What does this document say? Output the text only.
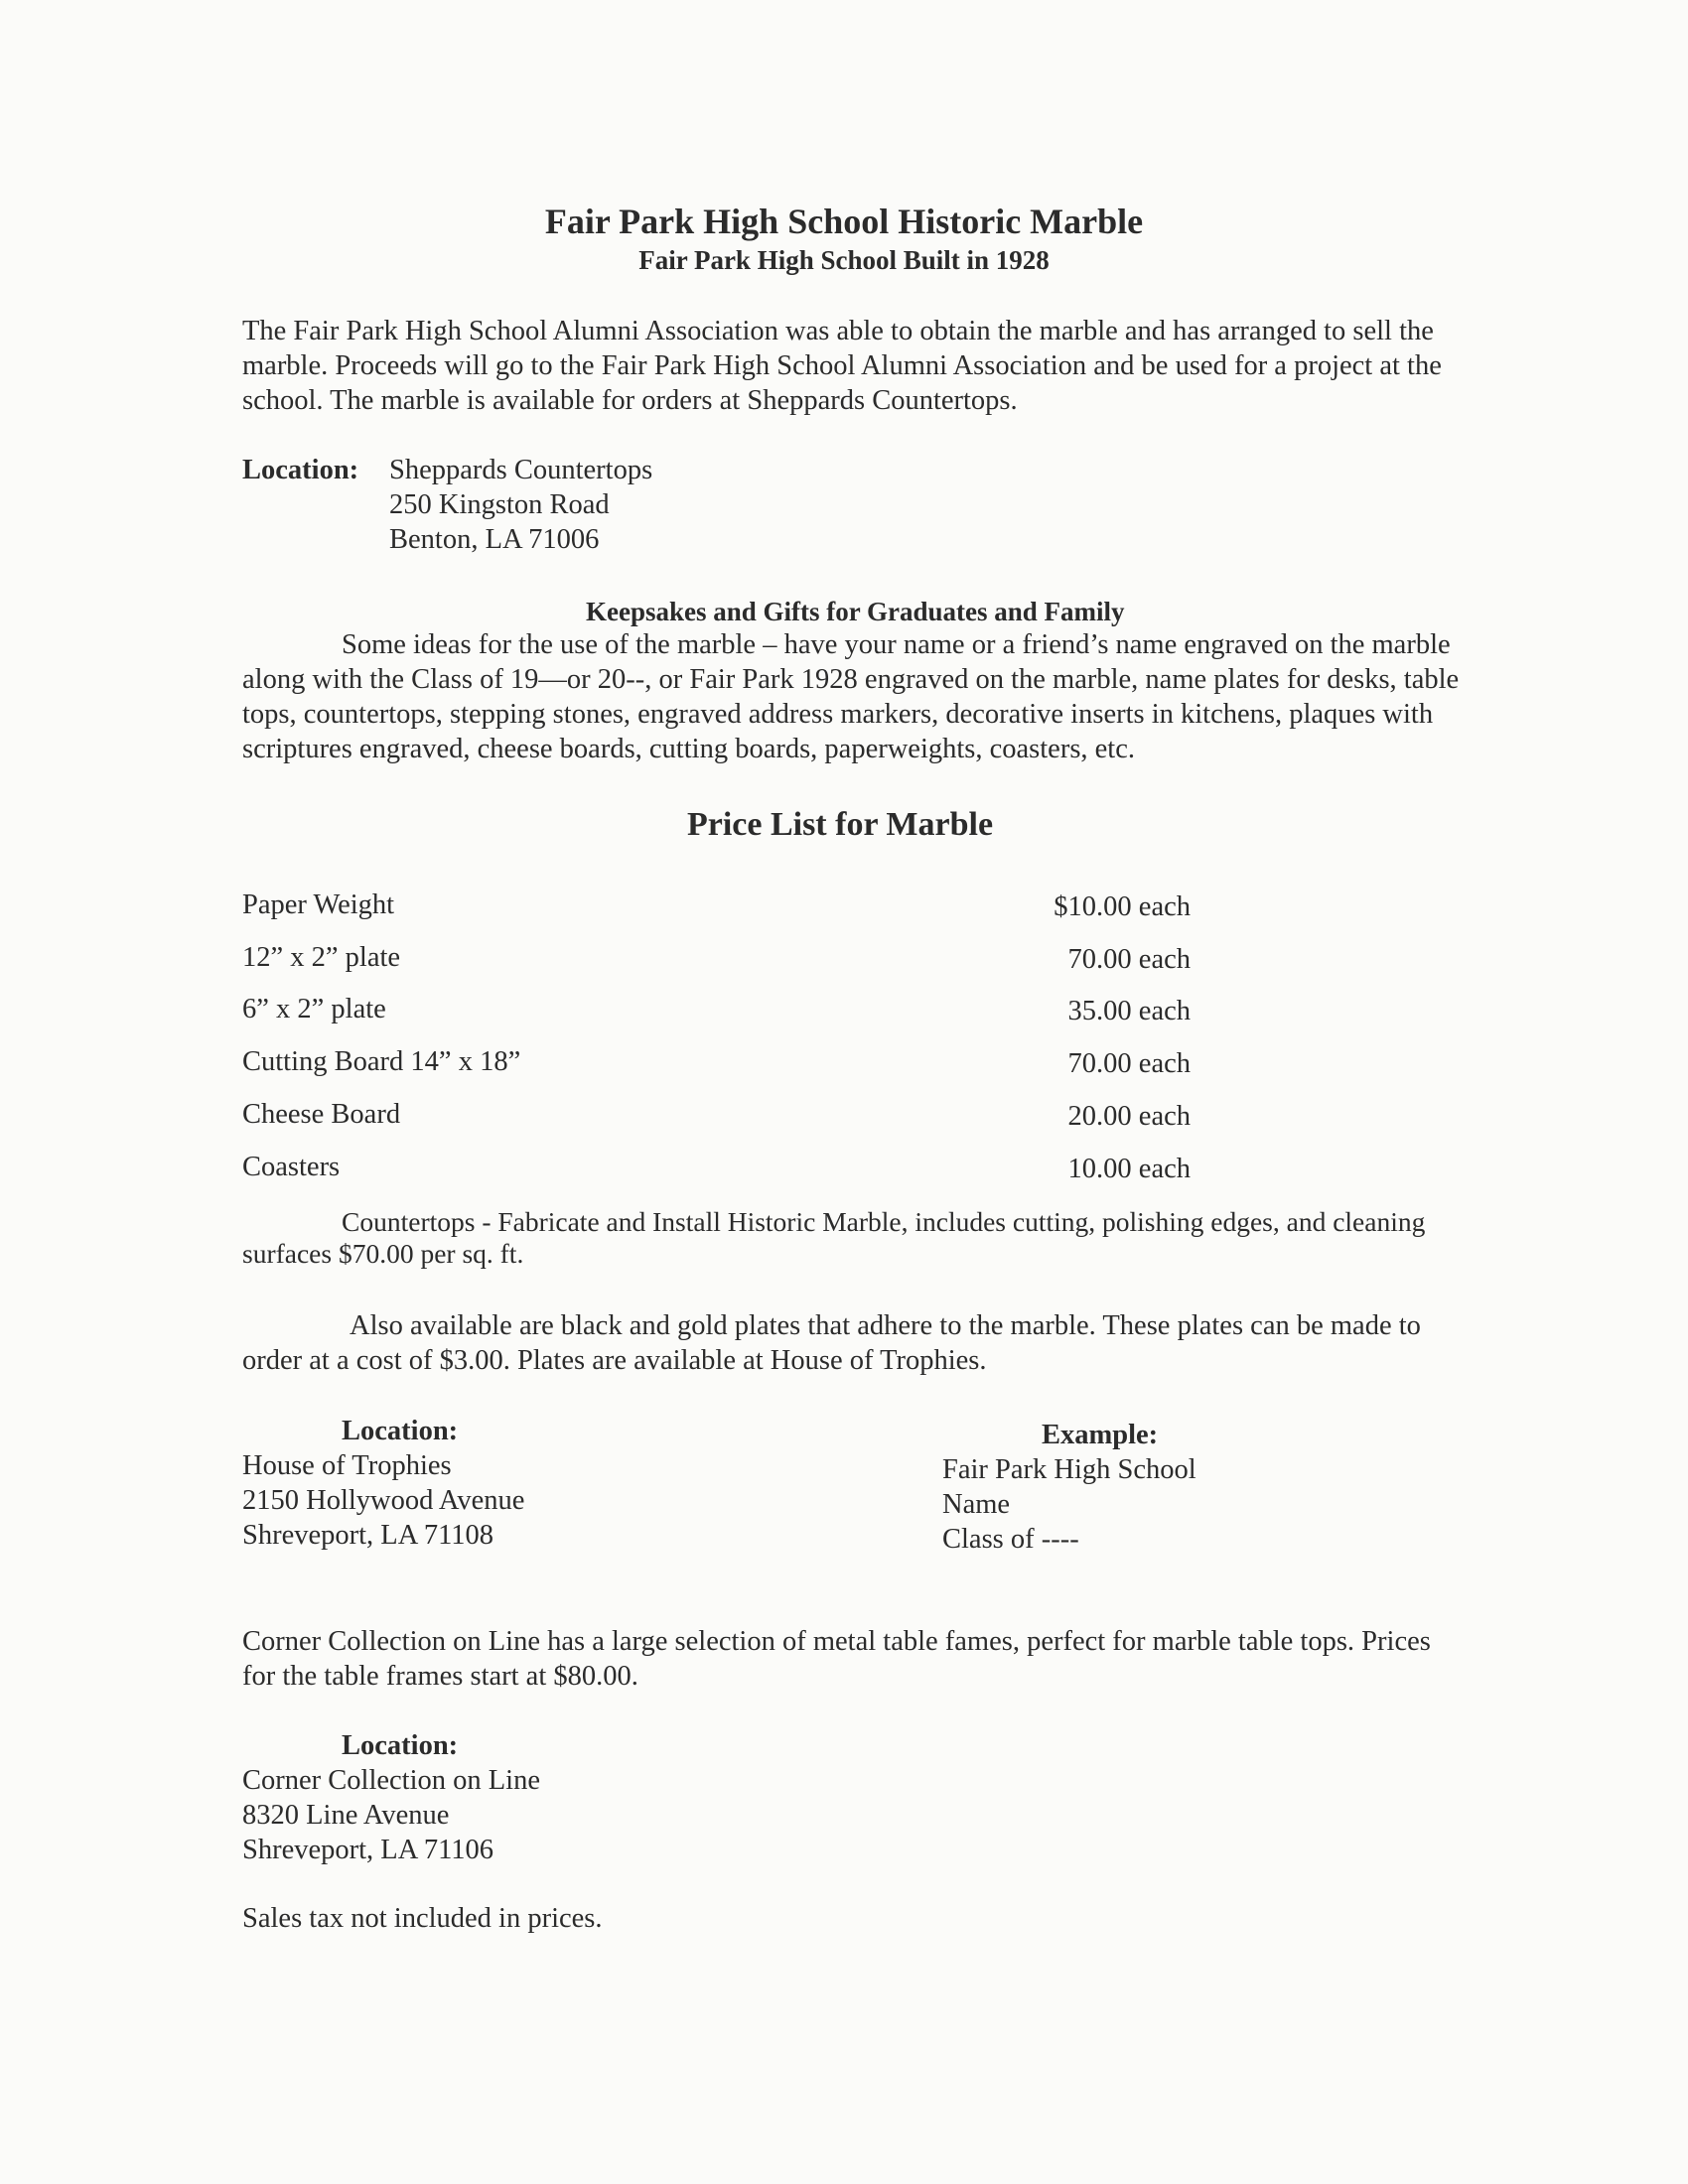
Fair Park High School Historic Marble
Fair Park High School Built in 1928
The Fair Park High School Alumni Association was able to obtain the marble and has arranged to sell the marble. Proceeds will go to the Fair Park High School Alumni Association and be used for a project at the school. The marble is available for orders at Sheppards Countertops.
Location: Sheppards Countertops
250 Kingston Road
Benton, LA 71006
Keepsakes and Gifts for Graduates and Family
Some ideas for the use of the marble – have your name or a friend’s name engraved on the marble along with the Class of 19—or 20--, or Fair Park 1928 engraved on the marble, name plates for desks, table tops, countertops, stepping stones, engraved address markers, decorative inserts in kitchens, plaques with scriptures engraved, cheese boards, cutting boards, paperweights, coasters, etc.
Price List for Marble
Paper Weight	$10.00 each
12” x 2” plate	70.00 each
6” x 2” plate	35.00 each
Cutting Board 14” x 18”	70.00 each
Cheese Board	20.00 each
Coasters	10.00 each
Countertops - Fabricate and Install Historic Marble, includes cutting, polishing edges, and cleaning surfaces $70.00 per sq. ft.
Also available are black and gold plates that adhere to the marble. These plates can be made to order at a cost of $3.00. Plates are available at House of Trophies.
Location:
House of Trophies
2150 Hollywood Avenue
Shreveport, LA 71108
Example:
Fair Park High School
Name
Class of ----
Corner Collection on Line has a large selection of metal table fames, perfect for marble table tops. Prices for the table frames start at $80.00.
Location:
Corner Collection on Line
8320 Line Avenue
Shreveport, LA 71106
Sales tax not included in prices.
